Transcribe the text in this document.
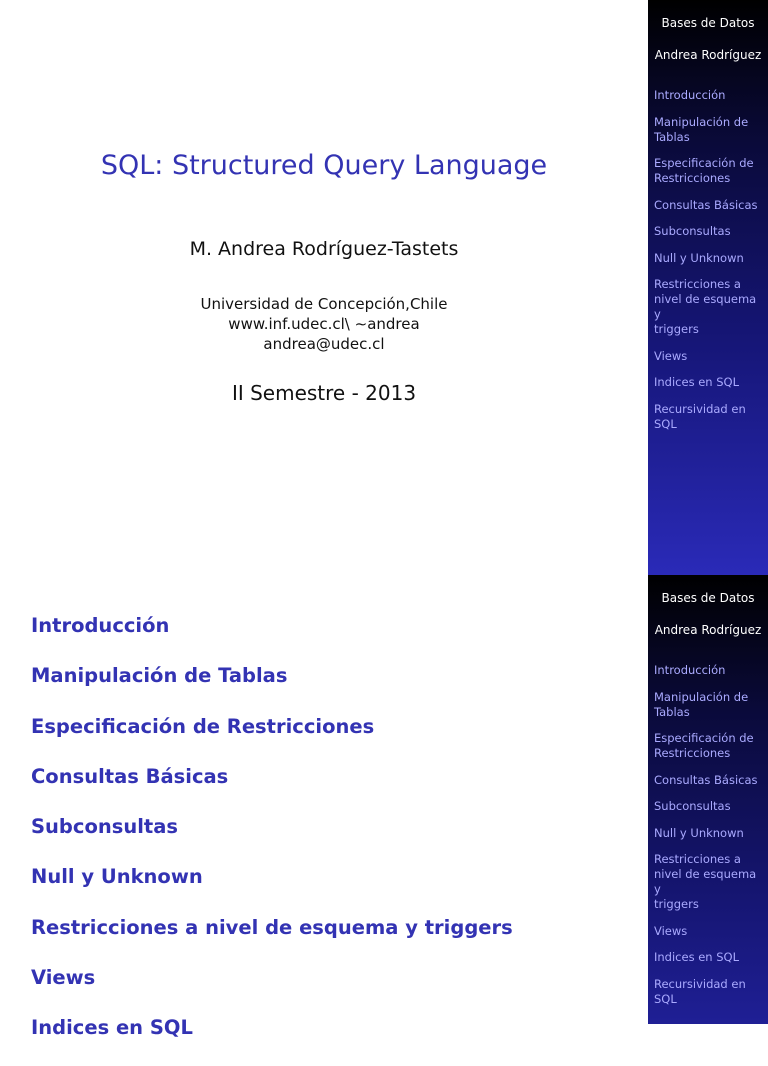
SQL: Structured Query Language
M. Andrea Rodríguez-Tastets
Universidad de Concepción,Chile
www.inf.udec.cl\ ∼andrea
andrea@udec.cl
II Semestre - 2013
Bases de Datos
Andrea Rodríguez
Introducción
Manipulación de
Tablas
Especificación de
Restricciones
Consultas Básicas
Subconsultas
Null y Unknown
Restricciones a
nivel de esquema y
triggers
Views
Indices en SQL
Recursividad en
SQL
Introducción
Manipulación de Tablas
Especificación de Restricciones
Consultas Básicas
Subconsultas
Null y Unknown
Restricciones a nivel de esquema y triggers
Views
Indices en SQL
Bases de Datos
Andrea Rodríguez
Introducción
Manipulación de
Tablas
Especificación de
Restricciones
Consultas Básicas
Subconsultas
Null y Unknown
Restricciones a
nivel de esquema y
triggers
Views
Indices en SQL
Recursividad en
SQL
